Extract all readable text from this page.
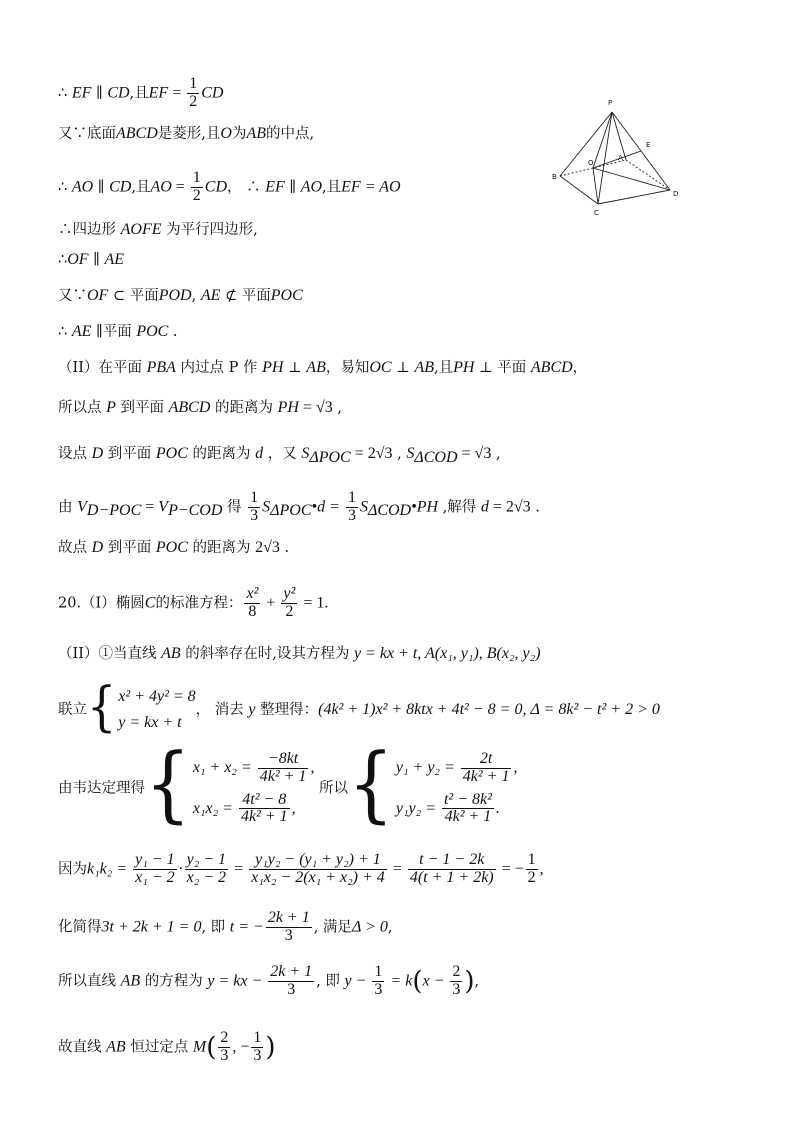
∴ EF ∥ CD,且EF = $\frac{1}{2}$ CD
又∵底面ABCD是菱形,且O为AB的中点,
∴ AO ∥ CD,且AO = $\frac{1}{2}$ CD， ∴ EF ∥ AO,且EF = AO
∴四边形 AOFE 为平行四边形,
∴OF ∥ AE
又∵OF ⊂ 平面POD, AE ⊄ 平面POC
∴ AE ∥平面 POC .
（II）在平面 PBA 内过点 P 作 PH ⊥ AB，易知OC ⊥ AB,且PH ⊥ 平面 ABCD，
所以点 P 到平面 ABCD 的距离为 PH = √3 ,
设点 D 到平面 POC 的距离为 d ，又 $S_{\Delta POC} = 2√3$ , $S_{\Delta COD} = √3$ ,
由 $V_{D-POC} = V_{P-COD}$ 得 $\frac{1}{3}$ $S_{\Delta POC}•d = \frac{1}{3}$ $S_{\Delta COD}•PH$ ,解得 d = 2√3 .
故点 D 到平面 POC 的距离为 2√3 .
20.（I）椭圆C的标准方程： $\frac{\text{x²}}{8} + \frac{\text{y²}}{2} = 1$.
（II）①当直线 AB 的斜率存在时,设其方程为 y = kx + t, A(x₁, y₁), B(x₂, y₂)
联立 { x² + 4y² = 8
y = kx + t
， 消去 y 整理得：(4k² + 1)x² + 8ktx + 4t² − 8 = 0, Δ = 8k² − t² + 2 > 0
由韦达定理得 { $x_1 + x_2 = \frac{-8kt}{\text{4k² + 1}}$ ,
$x_1x_2 = \frac{\text{4t² − 8}}{\text{4k² + 1}}$ ,
所以 { $y_1 + y_2 = \frac{2t}{\text{4k² + 1}}$ ,
$y_1y_2 = \frac{\text{t² − 8k²}}{\text{4k² + 1}}$ .
因为$k_1k_2 = \frac{\text{y₁ − 1}}{\text{x₁ − 2}} \cdot \frac{\text{y₂ − 1}}{\text{x₂ − 2}} = \frac{\text{y₁y₂ − (y₁ + y₂) + 1}}{\text{x₁x₂ − 2(x₁ + x₂) + 4}} = \frac{t - 1 - 2k}{4(t + 1 + 2k)}$ = − $\frac{1}{2}$ ,
化简得3t + 2k + 1 = 0, 即 t = − $\frac{2k + 1}{3}$ , 满足Δ > 0,
所以直线 AB 的方程为 y = kx − $\frac{2k + 1}{3}$ , 即 $y - \frac{1}{3} = k(x - \frac{2}{3}$ ),
故直线 AB 恒过定点 $M( \frac{2}{3}$ , − $\frac{1}{3}$ )
P
E
O
A
B
C
D
